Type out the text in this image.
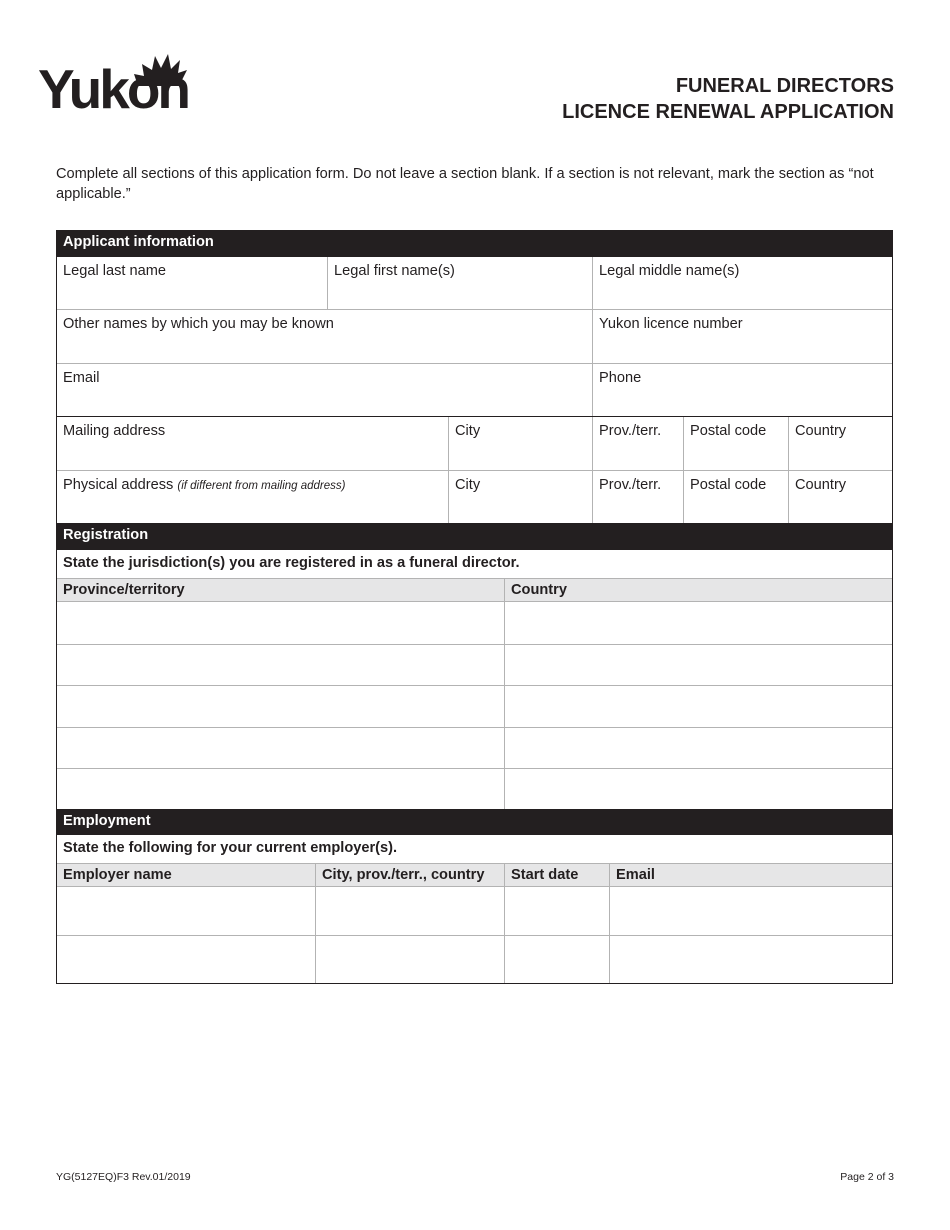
Yukon	FUNERAL DIRECTORS
LICENCE RENEWAL APPLICATION
Complete all sections of this application form. Do not leave a section blank. If a section is not relevant, mark the section as “not applicable.”
Applicant information
Legal last name	Legal first name(s)	Legal middle name(s)
Other names by which you may be known	Yukon licence number
Email	Phone
Mailing address	City	Prov./terr.	Postal code	Country
Physical address (if different from mailing address)	City	Prov./terr.	Postal code	Country
Registration
State the jurisdiction(s) you are registered in as a funeral director.
Province/territory	Country
Employment
State the following for your current employer(s).
Employer name	City, prov./terr., country	Start date	Email
YG(5127EQ)F3 Rev.01/2019	Page 2 of 3
